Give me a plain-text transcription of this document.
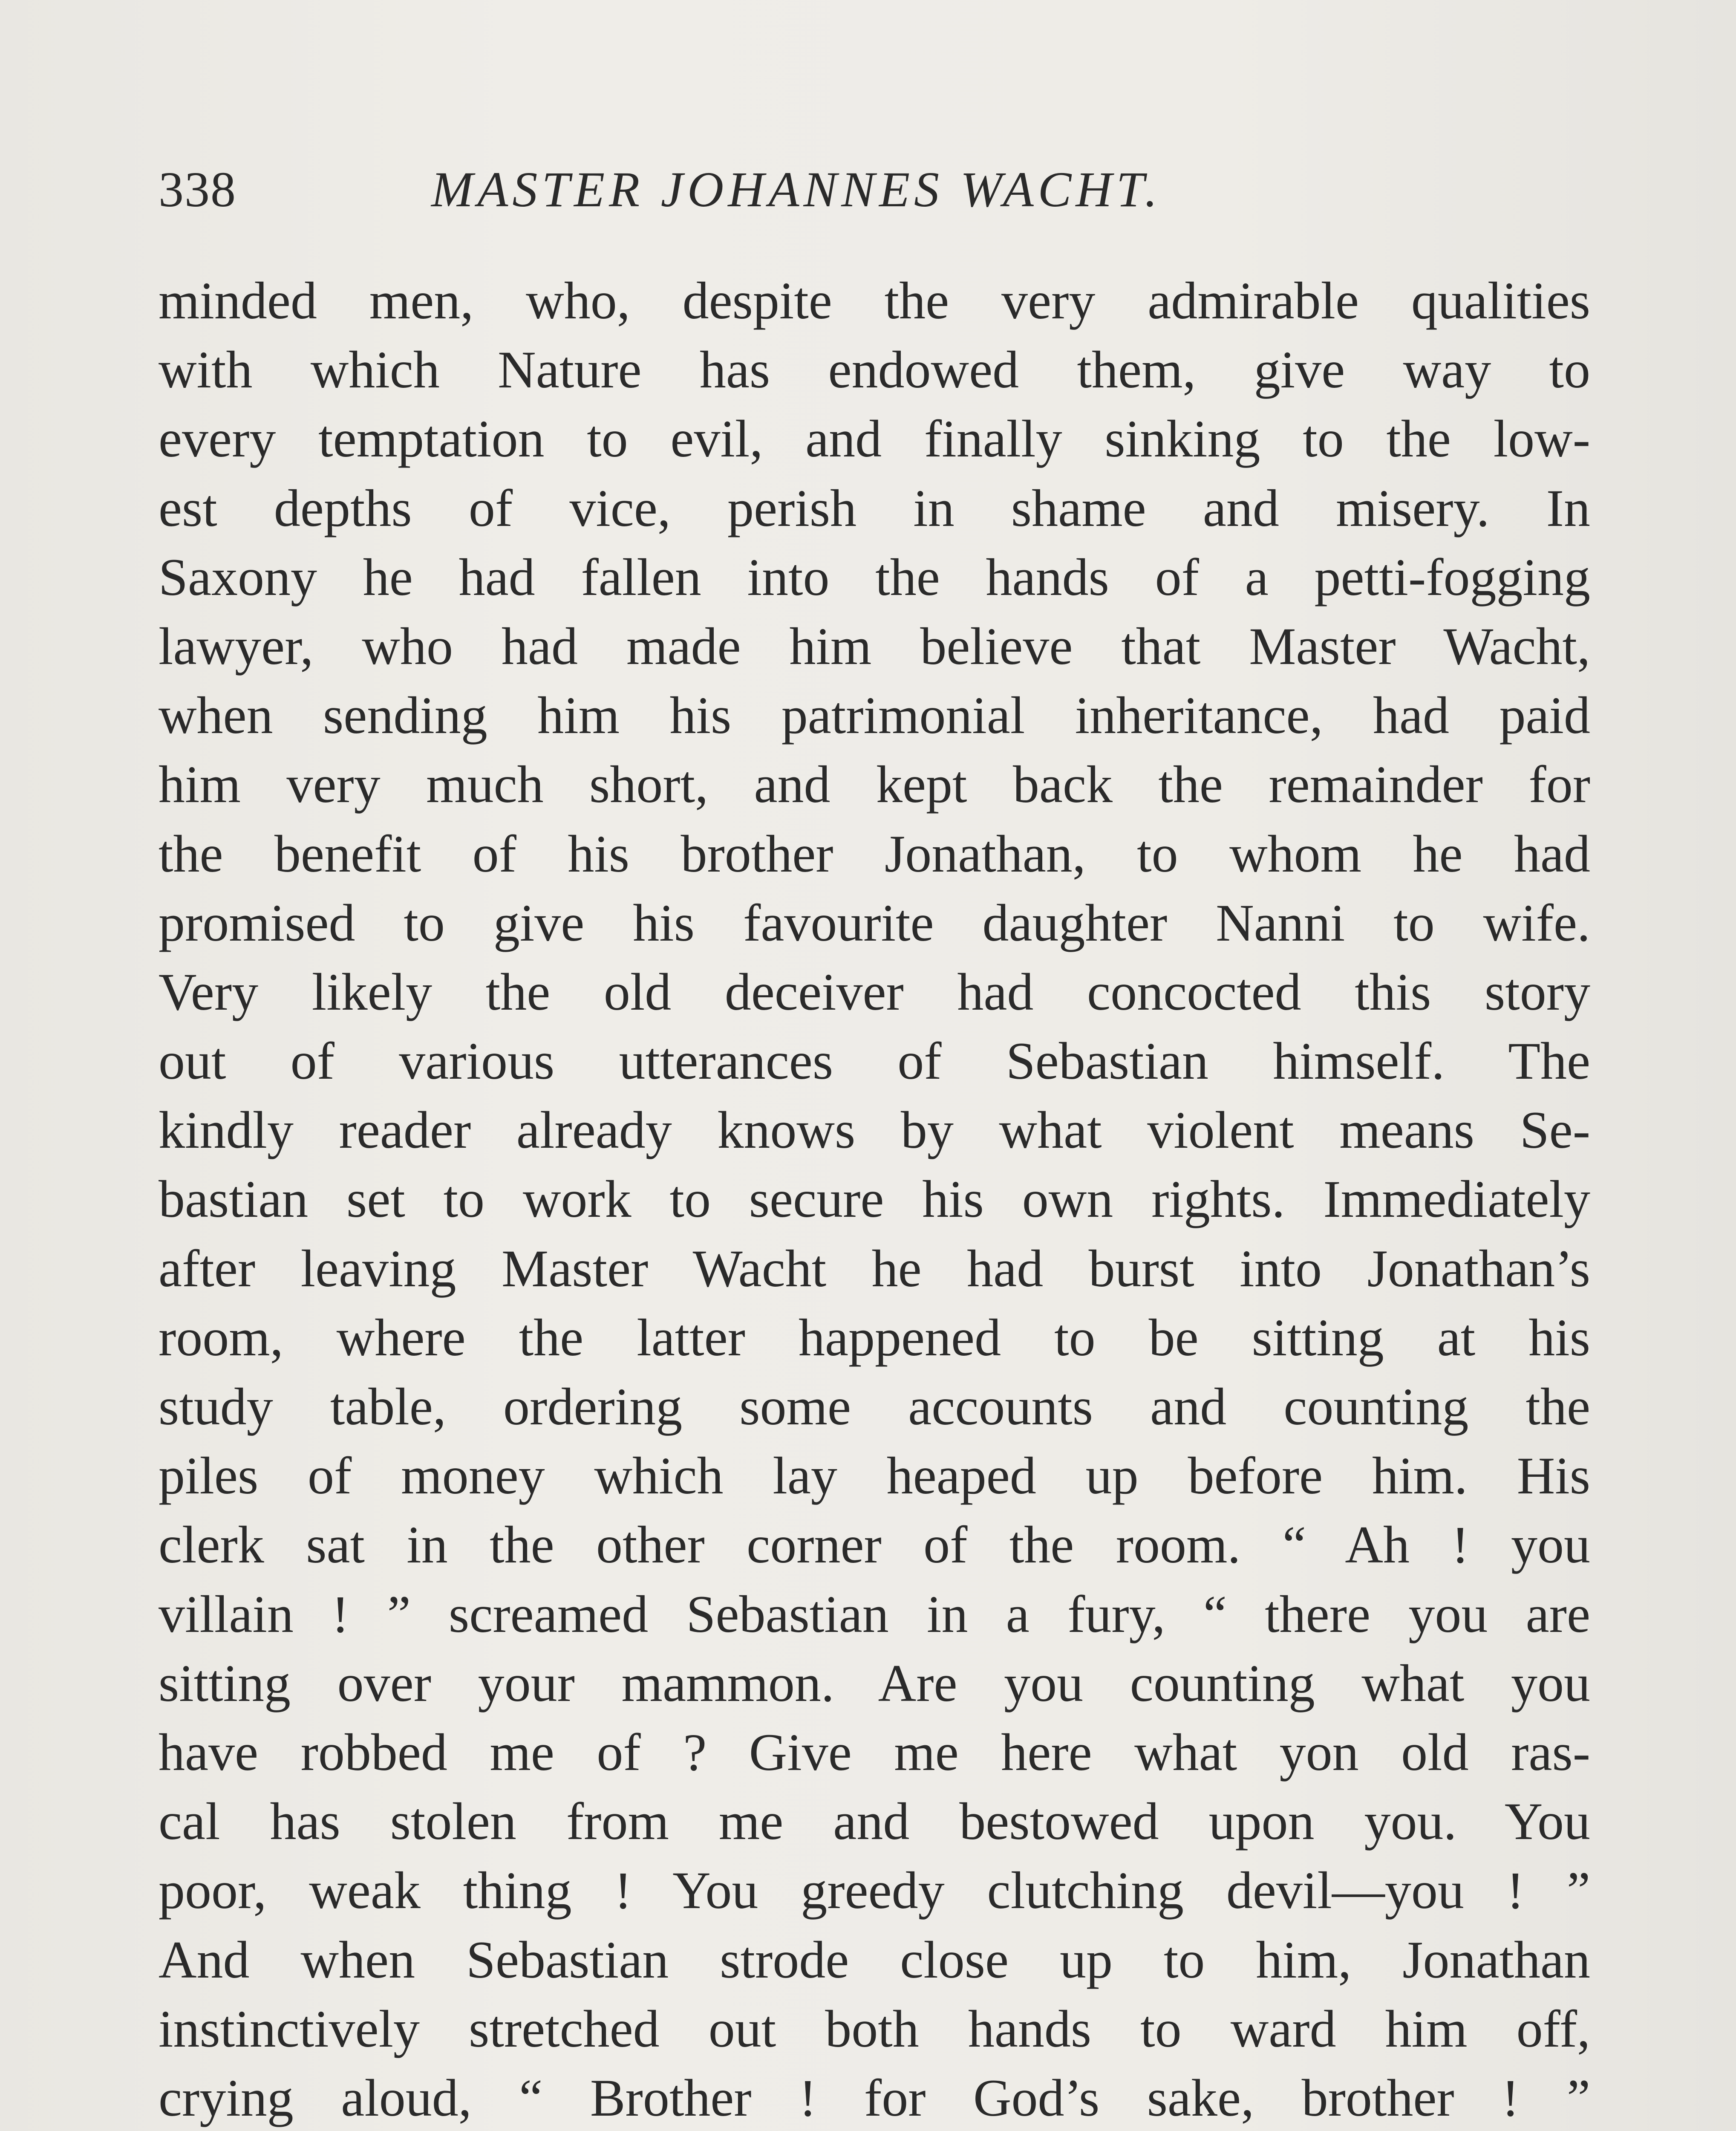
338	MASTER JOHANNES WACHT.
minded men, who, despite the very admirable qualities
with which Nature has endowed them, give way to
every temptation to evil, and finally sinking to the low-
est depths of vice, perish in shame and misery. In
Saxony he had fallen into the hands of a petti-fogging
lawyer, who had made him believe that Master Wacht,
when sending him his patrimonial inheritance, had paid
him very much short, and kept back the remainder for
the benefit of his brother Jonathan, to whom he had
promised to give his favourite daughter Nanni to wife.
Very likely the old deceiver had concocted this story
out of various utterances of Sebastian himself. The
kindly reader already knows by what violent means Se-
bastian set to work to secure his own rights. Immediately
after leaving Master Wacht he had burst into Jonathan’s
room, where the latter happened to be sitting at his
study table, ordering some accounts and counting the
piles of money which lay heaped up before him. His
clerk sat in the other corner of the room. “ Ah ! you
villain ! ” screamed Sebastian in a fury, “ there you are
sitting over your mammon. Are you counting what you
have robbed me of ? Give me here what yon old ras-
cal has stolen from me and bestowed upon you. You
poor, weak thing ! You greedy clutching devil—you ! ”
And when Sebastian strode close up to him, Jonathan
instinctively stretched out both hands to ward him off,
crying aloud, “ Brother ! for God’s sake, brother ! ”
